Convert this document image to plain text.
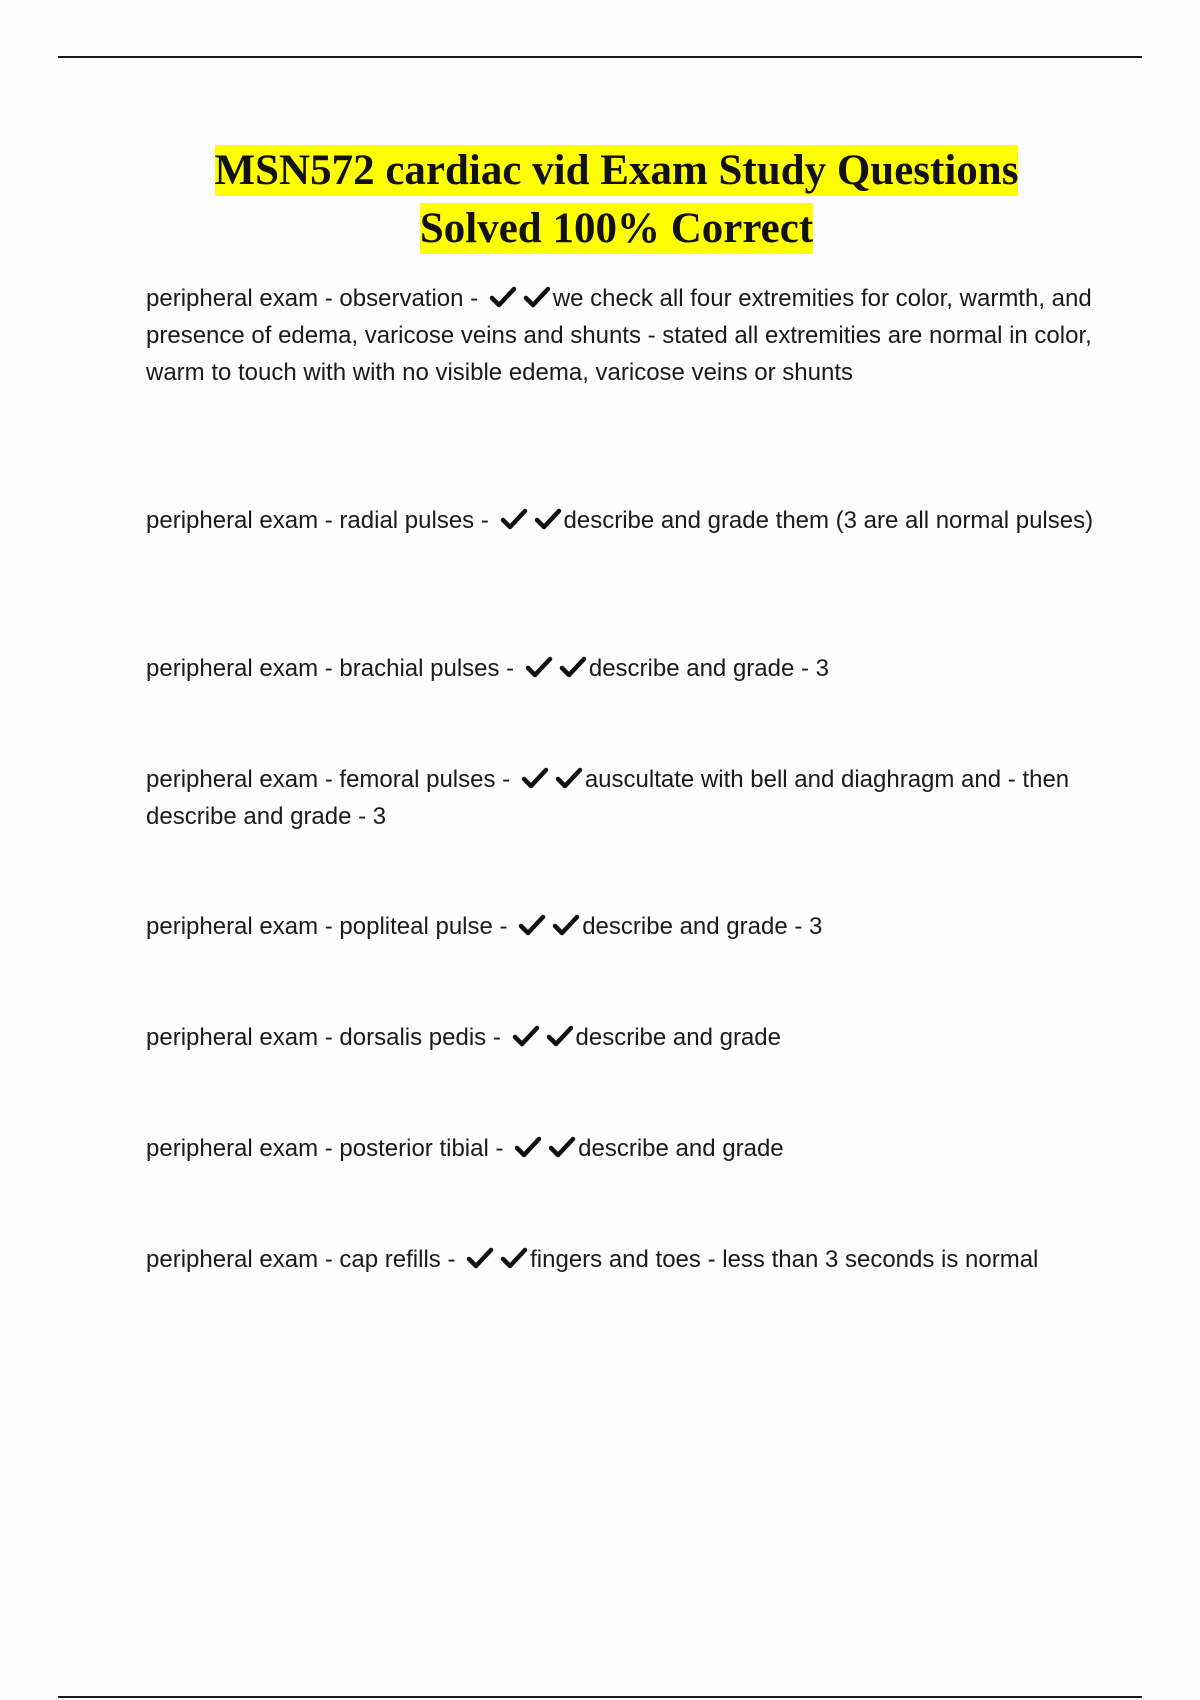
MSN572 cardiac vid Exam Study Questions
Solved 100% Correct
peripheral exam - observation -	we check all four extremities for color, warmth, and presence of edema, varicose veins and shunts - stated all extremities are normal in color, warm to touch with with no visible edema, varicose veins or shunts
peripheral exam - radial pulses -	describe and grade them (3 are all normal pulses)
peripheral exam - brachial pulses -	describe and grade - 3
peripheral exam - femoral pulses -	auscultate with bell and diaghragm and - then describe and grade - 3
peripheral exam - popliteal pulse -	describe and grade - 3
peripheral exam - dorsalis pedis -	describe and grade
peripheral exam - posterior tibial -	describe and grade
peripheral exam - cap refills -	fingers and toes - less than 3 seconds is normal
